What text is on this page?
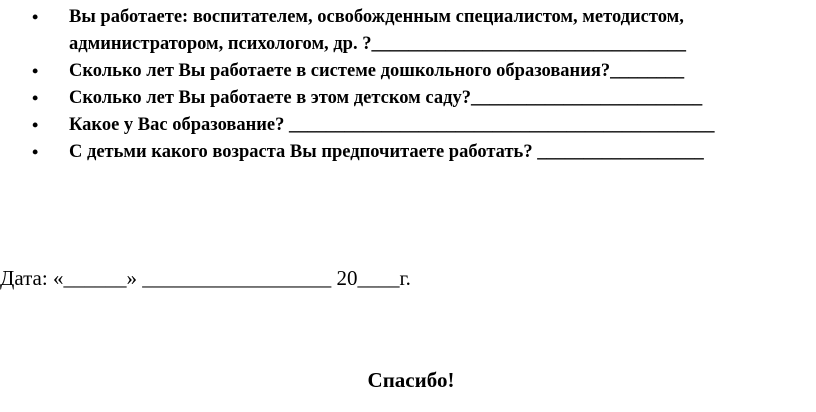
• Вы работаете: воспитателем, освобожденным специалистом, методистом,
администратором, психологом, др. ?__________________________________
• Сколько лет Вы работаете в системе дошкольного образования?________
• Сколько лет Вы работаете в этом детском саду?_________________________
• Какое у Вас образование? ______________________________________________
• С детьми какого возраста Вы предпочитаете работать? __________________
Дата: «______» __________________ 20____г.
Спасибо!
